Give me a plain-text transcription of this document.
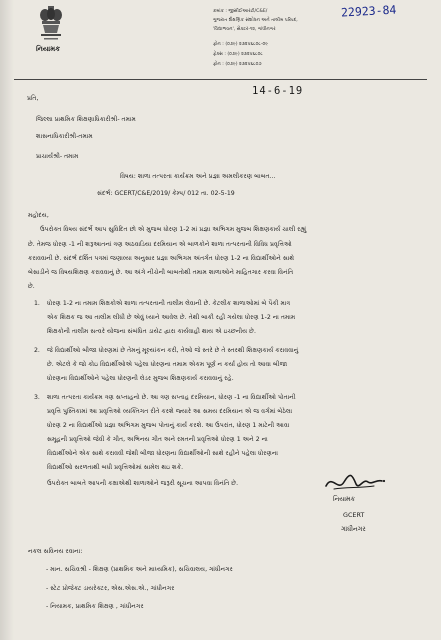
નિયામક
ક્રમાંક : જીસીઈઆરટી/C&E/
ગુજરાત શૈક્ષણિક સંશોધન અને તાલીમ પરિષદ,
'વિદ્યાભવન', સેક્ટર-૧૨, ગાંધીનગર
ફોન : (૦૭૯) ૨૩૨૫૬૮૦૮-૦૯
ફેક્સ : (૦૭૯) ૨૩૨૫૬૮૦૮
ફોન : (૦૭૯) ૨૩૨૫૬૮૦૭
22923-84
પ્રતિ,
14-6-19
જિલ્લા પ્રાથમિક શિક્ષણાધિકારીશ્રી- તમામ
શાસનાધિકારીશ્રી-તમામ
પ્રાચાર્યશ્રી- તમામ
વિષય: શાળા તત્પરતા કાર્યક્રમ અને પ્રજ્ઞા અમલીકરણ બાબત...
સંદર્ભ: GCERT/C&E/2019/ કેમ્પ/ 012 તા. 02-5-19
મહોદય,
ઉપરોક્ત વિષય સંદર્ભે આપ સુવિદિત છો એ મુજબ ધોરણ 1-2 માં પ્રજ્ઞા અભિગમ મુજબ શિક્ષણકાર્ય ચાલી રહ્યું
છે. તેમજ ધોરણ -1 ની શરૂઆતનાં ત્રણ અઠવાડિયા દરમિયાન એ બાળકોને શાળા તત્પરતાની વિવિધ પ્રવૃત્તિઓ
કરાવવાની છે. સંદર્ભ દર્શિત પત્રમાં જણાવ્યા અનુસાર પ્રજ્ઞા અભિગમ અંતર્ગત ધોરણ 1-2 ના વિદ્યાર્થીઓને સાથે
બેસાડીને જ વિષયશિક્ષણ કરાવવાનું છે. આ અંગે નીચેની બાબતોથી તમામ શાળાઓને માહિતગાર કરવા વિનંતિ
છે.
1. ધોરણ 1-2 ના તમામ શિક્ષકોએ શાળા તત્પરતાની તાલીમ લેવાની છે. કેટલીક શાળાઓમાં બે પૈકી માત્ર
એક શિક્ષક જ આ તાલીમ લીધી છે એવું ધ્યાને આવેલ છે. તેથી બાકી રહી ગયેલા ધોરણ 1-2 ના તમામ
શિક્ષકોની તાલીમ સત્વરે યોજના સંબંધિત ડાયેટ દ્વારા કાર્યવાહી થાય એ ઇચ્છનીય છે.
2. જે વિદ્યાર્થીઓ બીજા ધોરણમાં છે તેમનું મૂલ્યાંકન કરી, તેઓ જે સ્તરે છે તે સ્તરથી શિક્ષણકાર્ય કરાવવાનું
છે. એટલે કે જો કોઇ વિદ્યાર્થીઓએ પહેલા ધોરણના તમામ એકમ પૂર્ણ ન કર્યા હોય તો આવા બીજા
ધોરણના વિદ્યાર્થીઓને પહેલા ધોરણની લેડર મુજબ શિક્ષણકાર્ય કરાવવાનું રહે.
3. શાળા તત્પરતા કાર્યક્રમ ત્રણ સપ્તાહનો છે. આ ત્રણ સપ્તાહ દરમિયાન, ધોરણ -1 ના વિદ્યાર્થીઓ પોતાની
પ્રવૃત્તિ પુસ્તિકામાં આ પ્રવૃત્તિઓ વ્યક્તિગત રીતે કરશે જ્યારે આ સમય દરમિયાન એ જ વર્ગમાં બેઠેલા
ધોરણ 2 ના વિદ્યાર્થીઓ પ્રજ્ઞા અભિગમ મુજબ પોતાનું કાર્ય કરશે. આ ઉપરાંત, ધોરણ 1 માટેની આવા
સમૂહની પ્રવૃત્તિઓ જેવી કે ગીત, અભિનય ગીત અને રમતની પ્રવૃત્તિઓ ધોરણ 1 અને 2 ના
વિદ્યાર્થીઓને એક સાથે કરાવવી જેથી બીજા ધોરણના વિદ્યાર્થીઓની સાથે રહીને પહેલા ધોરણના
વિદ્યાર્થીઓ સરળતાથી બધી પ્રવૃત્તિઓમાં સામેલ થઇ શકે.
ઉપરોક્ત બાબતે આપની કક્ષાએથી શાળાઓને જરૂરી સૂચના આપવા વિનંતિ છે.
નિયામક
GCERT
ગાંધીનગર
નકલ સવિનય રવાના:
- માન. સચિવશ્રી - શિક્ષણ (પ્રાથમિક અને માધ્યમિક), સચિવાલય, ગાંધીનગર
- સ્ટેટ પ્રોજેક્ટ ડાયરેક્ટર, એસ.એસ.એ., ગાંધીનગર
- નિયામક, પ્રાથમિક શિક્ષણ , ગાંધીનગર
